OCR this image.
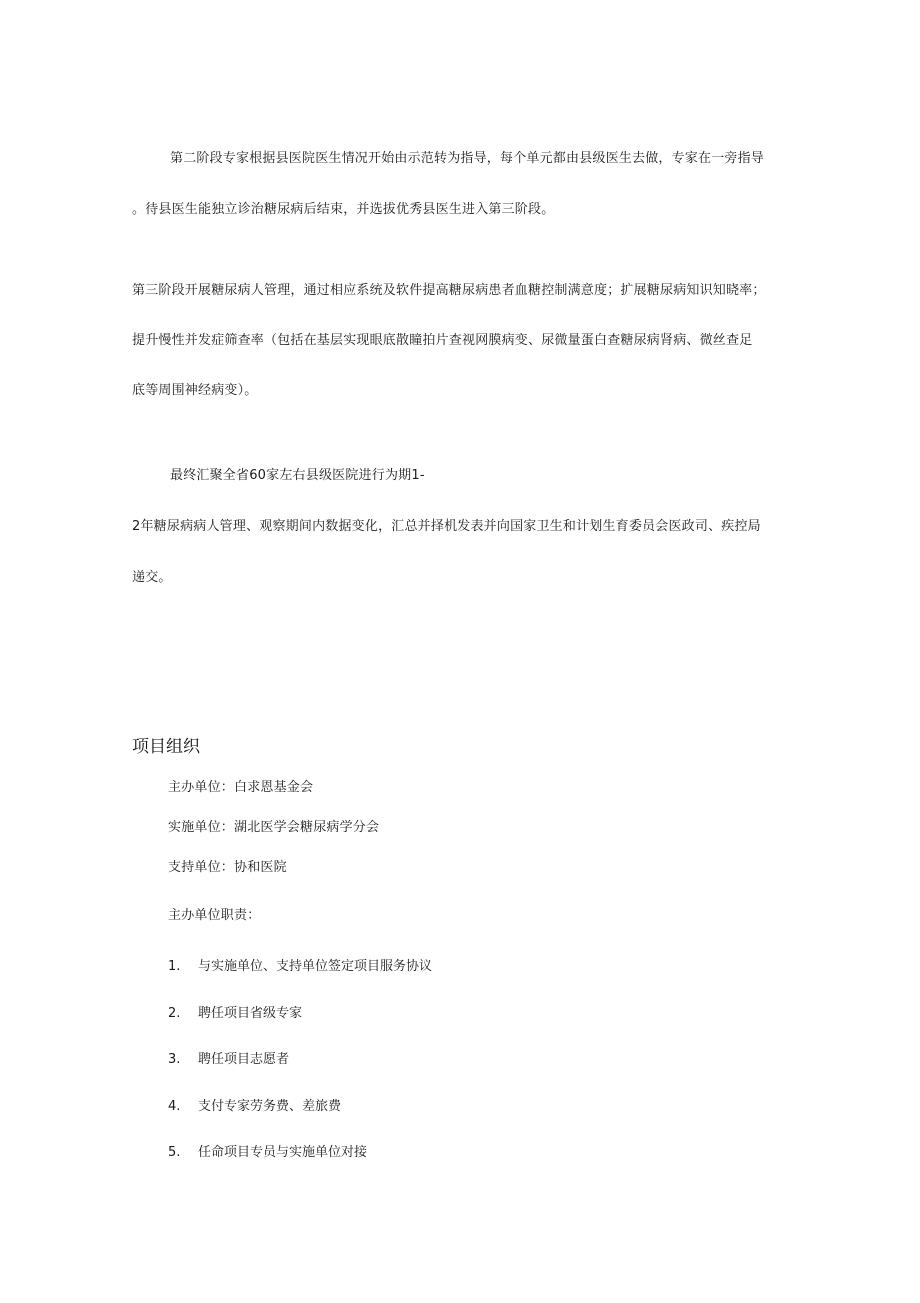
第二阶段专家根据县医院医生情况开始由示范转为指导，每个单元都由县级医生去做，专家在一旁指导
。待县医生能独立诊治糖尿病后结束，并选拔优秀县医生进入第三阶段。
第三阶段开展糖尿病人管理，通过相应系统及软件提高糖尿病患者血糖控制满意度；扩展糖尿病知识知晓率；
提升慢性并发症筛查率（包括在基层实现眼底散瞳拍片查视网膜病变、尿微量蛋白查糖尿病肾病、微丝查足
底等周围神经病变）。
最终汇聚全省60家左右县级医院进行为期1-
2年糖尿病病人管理、观察期间内数据变化，汇总并择机发表并向国家卫生和计划生育委员会医政司、疾控局
递交。
项目组织
主办单位：白求恩基金会
实施单位：湖北医学会糖尿病学分会
支持单位：协和医院
主办单位职责：
1. 与实施单位、支持单位签定项目服务协议
2. 聘任项目省级专家
3. 聘任项目志愿者
4. 支付专家劳务费、差旅费
5. 任命项目专员与实施单位对接
